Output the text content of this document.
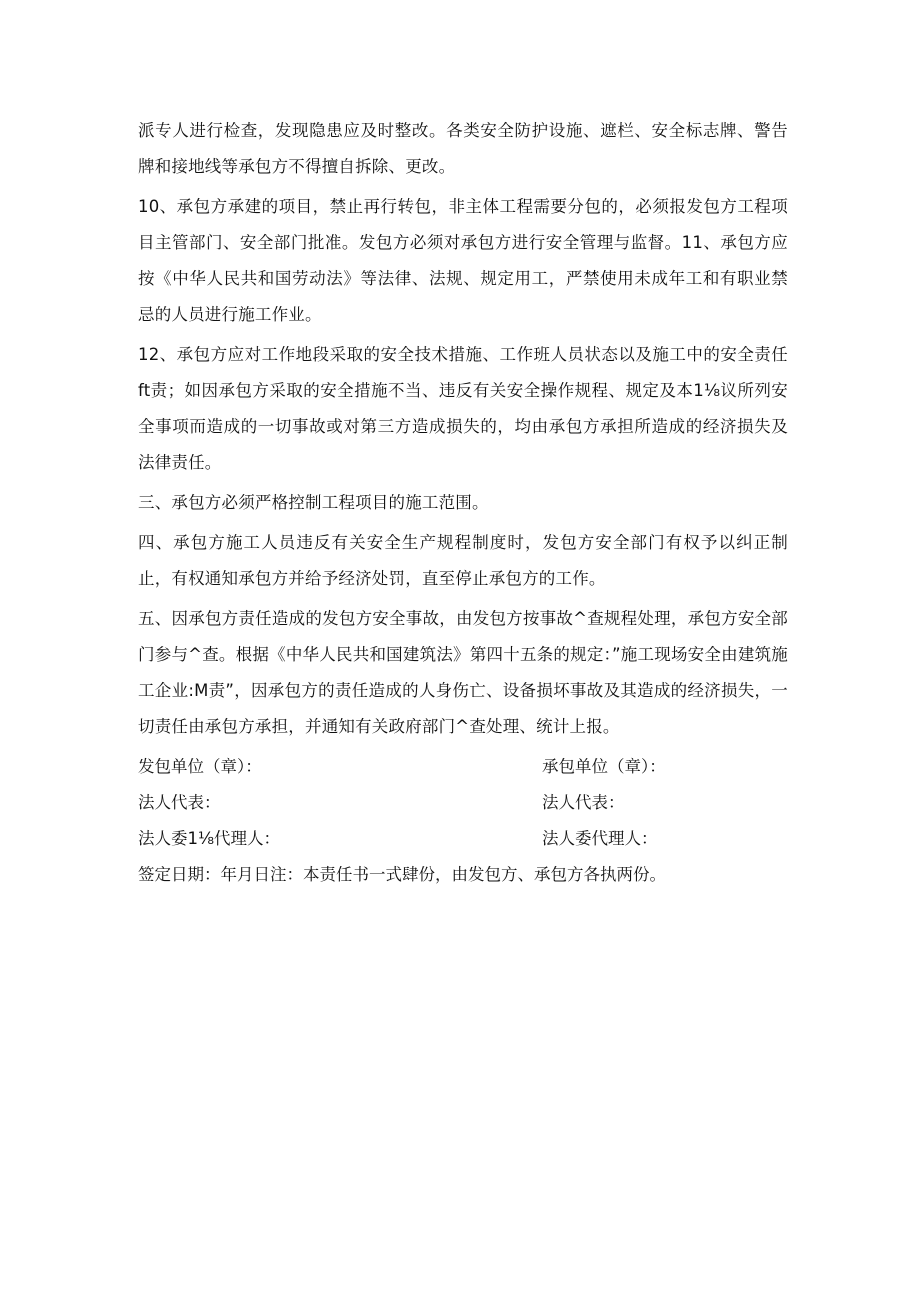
派专人进行检查，发现隐患应及时整改。各类安全防护设施、遮栏、安全标志牌、警告牌和接地线等承包方不得擅自拆除、更改。

10、承包方承建的项目，禁止再行转包，非主体工程需要分包的，必须报发包方工程项目主管部门、安全部门批准。发包方必须对承包方进行安全管理与监督。11、承包方应按《中华人民共和国劳动法》等法律、法规、规定用工，严禁使用未成年工和有职业禁忌的人员进行施工作业。

12、承包方应对工作地段采取的安全技术措施、工作班人员状态以及施工中的安全责任ft责；如因承包方采取的安全措施不当、违反有关安全操作规程、规定及本1⅛议所列安全事项而造成的一切事故或对第三方造成损失的，均由承包方承担所造成的经济损失及法律责任。

三、承包方必须严格控制工程项目的施工范围。

四、承包方施工人员违反有关安全生产规程制度时，发包方安全部门有权予以纠正制止，有权通知承包方并给予经济处罚，直至停止承包方的工作。

五、因承包方责任造成的发包方安全事故，由发包方按事故^查规程处理，承包方安全部门参与^查。根据《中华人民共和国建筑法》第四十五条的规定：”施工现场安全由建筑施工企业:M责”，因承包方的责任造成的人身伤亡、设备损坏事故及其造成的经济损失，一切责任由承包方承担，并通知有关政府部门^查处理、统计上报。

发包单位（章）：	承包单位（章）：
法人代表：	法人代表：
法人委1⅛代理人：	法人委代理人：

签定日期：年月日注：本责任书一式肆份，由发包方、承包方各执两份。
